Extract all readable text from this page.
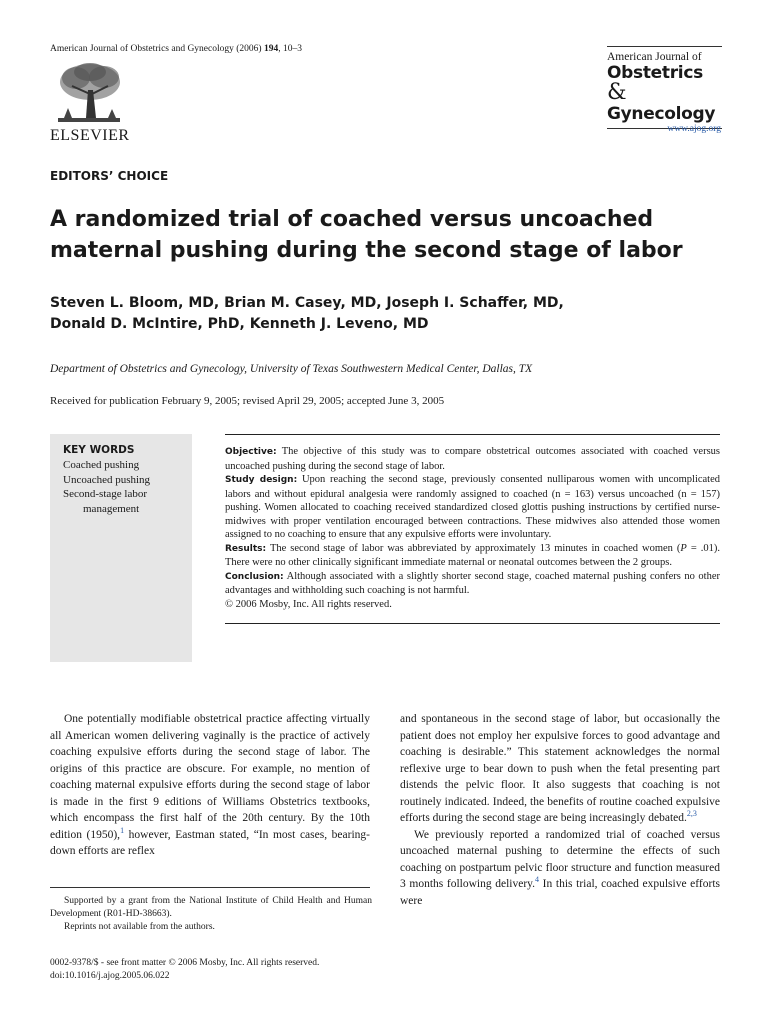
American Journal of Obstetrics and Gynecology (2006) 194, 10–3
ELSEVIER
American Journal of
Obstetrics &
Gynecology
www.ajog.org
EDITORS’ CHOICE
A randomized trial of coached versus uncoached maternal pushing during the second stage of labor
Steven L. Bloom, MD, Brian M. Casey, MD, Joseph I. Schaffer, MD,
Donald D. McIntire, PhD, Kenneth J. Leveno, MD
Department of Obstetrics and Gynecology, University of Texas Southwestern Medical Center, Dallas, TX
Received for publication February 9, 2005; revised April 29, 2005; accepted June 3, 2005
KEY WORDS
Coached pushing
Uncoached pushing
Second-stage labor
management

Objective: The objective of this study was to compare obstetrical outcomes associated with coached versus uncoached pushing during the second stage of labor.

Study design: Upon reaching the second stage, previously consented nulliparous women with uncomplicated labors and without epidural analgesia were randomly assigned to coached (n = 163) versus uncoached (n = 157) pushing. Women allocated to coaching received standardized closed glottis pushing instructions by certified nurse-midwives with proper ventilation encouraged between contractions. These midwives also attended those women assigned to no coaching to ensure that any expulsive efforts were involuntary.

Results: The second stage of labor was abbreviated by approximately 13 minutes in coached women (P = .01). There were no other clinically significant immediate maternal or neonatal outcomes between the 2 groups.

Conclusion: Although associated with a slightly shorter second stage, coached maternal pushing confers no other advantages and withholding such coaching is not harmful.

© 2006 Mosby, Inc. All rights reserved.

One potentially modifiable obstetrical practice affecting virtually all American women delivering vaginally is the practice of actively coaching expulsive efforts during the second stage of labor. The origins of this practice are obscure. For example, no mention of coaching maternal expulsive efforts during the second stage of labor is made in the first 9 editions of Williams Obstetrics textbooks, which encompass the first half of the 20th century. By the 10th edition (1950),$^1$ however, Eastman stated, “In most cases, bearing-down efforts are reflex

and spontaneous in the second stage of labor, but occasionally the patient does not employ her expulsive forces to good advantage and coaching is desirable.” This statement acknowledges the normal reflexive urge to bear down to push when the fetal presenting part distends the pelvic floor. It also suggests that coaching is not routinely indicated. Indeed, the benefits of routine coached expulsive efforts during the second stage are being increasingly debated.$^{2,3}$

We previously reported a randomized trial of coached versus uncoached maternal pushing to determine the effects of such coaching on postpartum pelvic floor structure and function measured 3 months following delivery.$^4$ In this trial, coached expulsive efforts were

Supported by a grant from the National Institute of Child Health and Human Development (R01-HD-38663).

Reprints not available from the authors.

0002-9378/$ - see front matter © 2006 Mosby, Inc. All rights reserved.
doi:10.1016/j.ajog.2005.06.022
